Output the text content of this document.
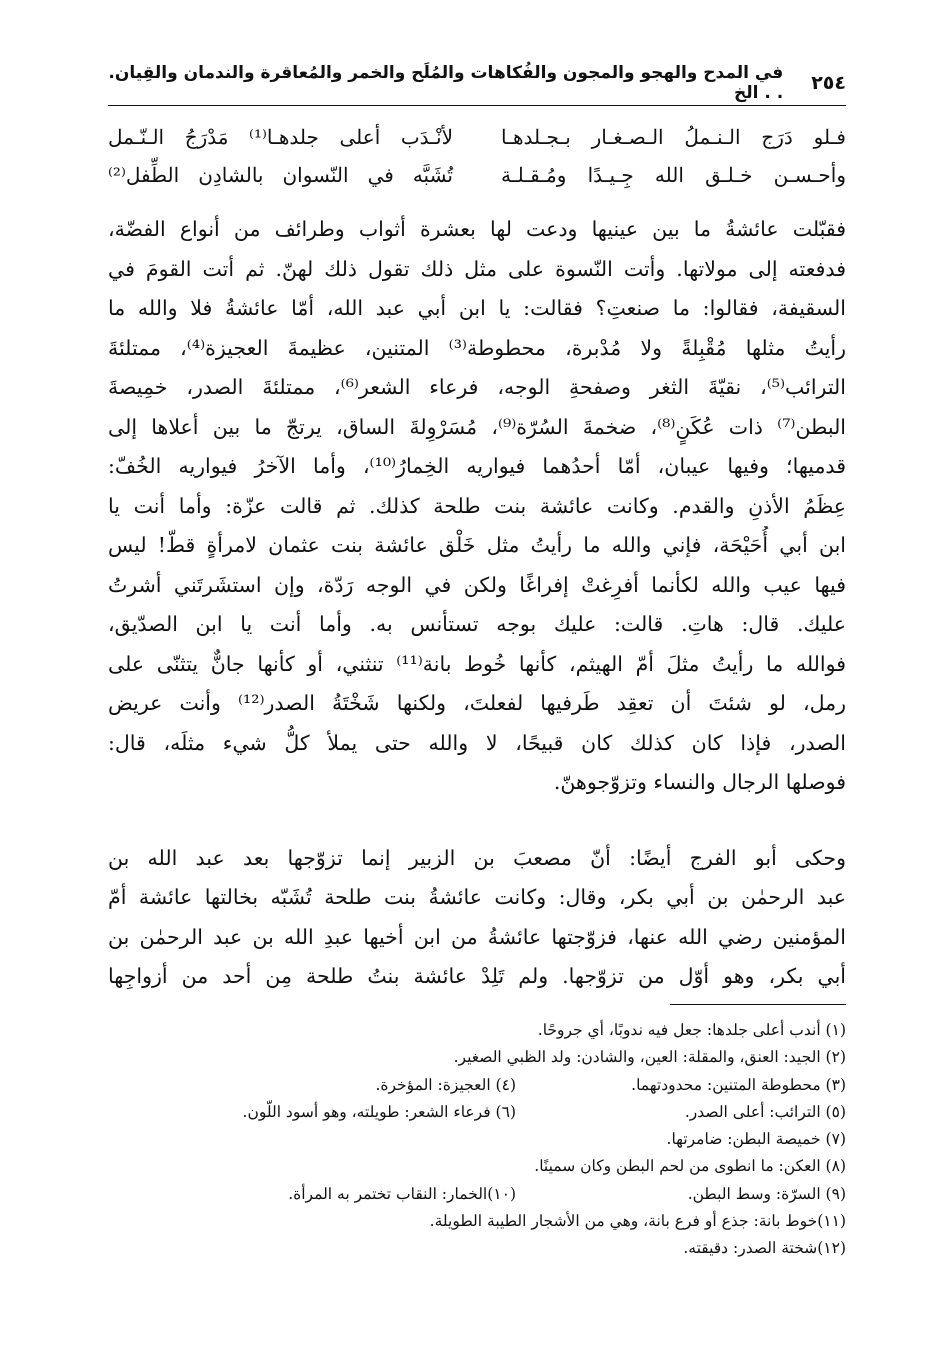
٢٥٤
في المدح والهجو والمجون والفُكاهات والمُلَح والخمر والمُعاقرة والندمان والقِيان. . . الخ
فـلو دَرَج الـنـملُ الـصـغـار بـجـلدهـا
لأنْـدَب أعلى جلدهـا⁽¹⁾ مَدْرَجُ الـنّـمل
وأحـسـن خـلـق الله جِـيـدًا ومُـقـلـة
تُشَبَّه في النّسوان بالشادِن الطِّفل⁽²⁾
فقبّلت عائشةُ ما بين عينيها ودعت لها بعشرة أثواب وطرائف من أنواع الفضّة،
فدفعته إلى مولاتها. وأتت النّسوة على مثل ذلك تقول ذلك لهنّ. ثم أتت القومَ في
السقيفة، فقالوا: ما صنعتِ؟ فقالت: يا ابن أبي عبد الله، أمّا عائشةُ فلا والله ما
رأيتُ مثلها مُقْبِلةً ولا مُدْبرة، محطوطة⁽³⁾ المتنين، عظيمةَ العجيزة⁽⁴⁾، ممتلئةَ
الترائب⁽⁵⁾، نقيّةَ الثغر وصفحةِ الوجه، فرعاء الشعر⁽⁶⁾، ممتلئةَ الصدر، خمِيصةَ
البطن⁽⁷⁾ ذات عُكَنٍ⁽⁸⁾، ضخمةَ السُرّة⁽⁹⁾، مُسَرْوِلةَ الساق، يرتجّ ما بين أعلاها إلى
قدميها؛ وفيها عيبان، أمّا أحدُهما فيواريه الخِمارُ⁽¹⁰⁾، وأما الآخرُ فيواريه الخُفّ:
عِظَمُ الأذنِ والقدم. وكانت عائشة بنت طلحة كذلك. ثم قالت عزّة: وأما أنت يا
ابن أبي أُحَيْحَة، فإني والله ما رأيتُ مثل خَلْق عائشة بنت عثمان لامرأةٍ قطّ! ليس
فيها عيب والله لكأنما أفرِغتْ إفراغًا ولكن في الوجه رَدّة، وإن استشَرتَني أشرتُ
عليك. قال: هاتِ. قالت: عليك بوجه تستأنس به. وأما أنت يا ابن الصدّيق،
فوالله ما رأيتُ مثلَ أمّ الهيثم، كأنها خُوط بانة⁽¹¹⁾ تنثني، أو كأنها جانٌّ يتثنّى على
رمل، لو شئتَ أن تعقِد طَرفيها لفعلتَ، ولكنها شَخْتَةُ الصدر⁽¹²⁾ وأنت عريض
الصدر، فإذا كان كذلك كان قبيحًا، لا والله حتى يملأ كلُّ شيء مثلَه، قال:
فوصلها الرجال والنساء وتزوّجوهنّ.
وحكى أبو الفرج أيضًا: أنّ مصعبَ بن الزبير إنما تزوّجها بعد عبد الله بن
عبد الرحمٰن بن أبي بكر، وقال: وكانت عائشةُ بنت طلحة تُشَبّه بخالتها عائشة أمّ
المؤمنين رضي الله عنها، فزوّجتها عائشةُ من ابن أخيها عبدِ الله بن عبد الرحمٰن بن
أبي بكر، وهو أوّل من تزوّجها. ولم تَلِدْ عائشة بنتُ طلحة مِن أحد من أزواجِها
(١) أندب أعلى جلدها: جعل فيه ندوبًا، أي جروحًا.
(٢) الجيد: العنق، والمقلة: العين، والشادن: ولد الظبي الصغير.
(٣) محطوطة المتنين: محدودتهما.
(٤) العجيزة: المؤخرة.
(٥) الترائب: أعلى الصدر.
(٦) فرعاء الشعر: طويلته، وهو أسود اللّون.
(٧) خميصة البطن: ضامرتها.
(٨) العكن: ما انطوى من لحم البطن وكان سمينًا.
(٩) السرّة: وسط البطن.
(١٠)الخمار: النقاب تختمر به المرأة.
(١١)خوط بانة: جذع أو فرع بانة، وهي من الأشجار الطيبة الطويلة.
(١٢)شختة الصدر: دقيقته.
